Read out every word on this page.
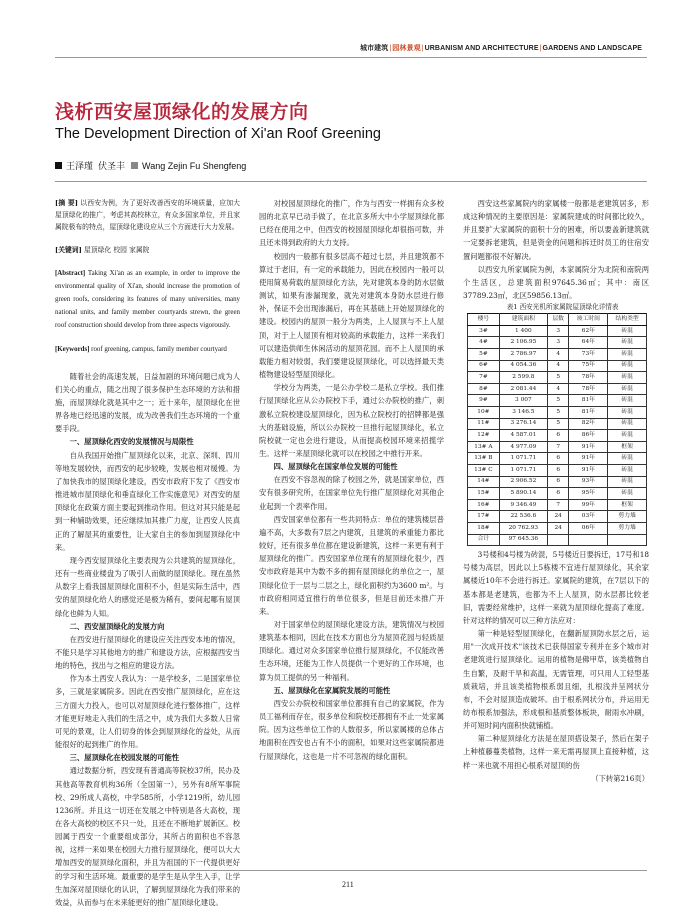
城市建筑|园林景观|URBANISM AND ARCHITECTURE|GARDENS AND LANDSCAPE
浅析西安屋顶绿化的发展方向
The Development Direction of Xi'an Roof Greening
王泽瑾 伏圣丰 Wang Zejin Fu Shengfeng

[摘 要] 以西安为例，为了更好改善西安的环境质量，应加大屋顶绿化的推广，考虑其高校林立，有众多国家单位，并且家属院极布的特点，屋顶绿化建设应从三个方面进行大力发展。

[关键词] 屋顶绿化 校园 家属院

[Abstract] Taking Xi'an as an example, in order to improve the environmental quality of Xi'an, should increase the promotion of green roofs, considering its features of many universities, many national units, and family member courtyards strewn, the green roof construction should develop from three aspects vigorously.

[Keywords] roof greening, campus, family member courtyard

随着社会的高速发展，日益加剧的环境问题已成为人们关心的重点，随之出现了很多保护生态环境的方法和措施，而屋顶绿化就是其中之一；近十来年，屋顶绿化在世界各地已经迅速的发展，成为改善我们生态环境的一个重要手段。

一、屋顶绿化西安的发展情况与局限性

自从我国开始推广屋顶绿化以来，北京、深圳、四川等地发展较快，而西安的起步较晚，发展也相对缓慢。为了加快我市的屋顶绿化建设，西安市政府下发了《西安市推进城市屋顶绿化和垂直绿化工作实施意见》对西安的屋顶绿化在政策方面主要起到推动作用。但这对其只能是起到一种辅助效果，还应继续加其推广力度，让西安人民真正的了解屋其的重要性，让大家自主的参加到屋顶绿化中来。

现今西安屋顶绿化主要表现为公共建筑的屋顶绿化，还有一些商业楼盘为了吸引人而做的屋顶绿化。现在虽然从数字上看我国屋顶绿化面积不小，但是实际生活中，西安的屋顶绿化给人的感觉还是极为稀有，要间起哪有屋顶绿化也鲜为人知。

二、西安屋顶绿化的发展方向

在西安进行屋顶绿化的建设应关注西安本地的情况，不能只是学习其他地方的推广和建设方法，应根据西安当地的特色，找出与之相应的建设方法。

作为本土西安人我认为：一是学校多，二是国家单位多，三就是家属院多。因此在西安推广屋顶绿化，应在这三方面大力投入，也可以对屋顶绿化进行整体推广，这样才能更好地走入我们的生活之中，成为我们大多数人日常可见的景观，让人们切身的体会到屋顶绿化的益处，从而能很好的起到推广的作用。

三、屋顶绿化在校园发展的可能性

通过数据分析，西安现有普通高等院校37所，民办及其他高等教育机构36所（全国第一），另外有8所军事院校、29所成人高校，中学585所，小学1219所，幼儿园1236所。并且这一切还在发展之中特别是各大高校，现在各大高校的校区不只一处，且还在不断地扩展新区。校园属于西安一个重要组成部分，其所占的面积也不容忽视，这样一来如果在校园大力推行屋顶绿化，便可以大大增加西安的屋顶绿化面积，并且为祖国的下一代提供更好的学习和生活环境。最重要的是学生是从学生入手，让学生加深对屋顶绿化的认识，了解到屋顶绿化为我们带来的效益，从而参与在未来能更好的推广屋顶绿化建设。

对校园屋顶绿化的推广，作为与西安一样拥有众多校园的北京早已动手做了，在北京多所大中小学屋顶绿化都已经在使用之中，但西安的校园屋顶绿化却很指可数，并且还未得到政府的大力支持。

校园内一般都有很多层高不超过七层，并且建筑都不算过于老旧，有一定的承载能力，因此在校园内一般可以使用简易荷载的屋顶绿化方法，先对建筑本身的防水层做测试，如果有渗漏现象，就先对建筑本身防水层进行修补，保证不会出现渗漏后，再在其基础上开始屋顶绿化的建设。校园内的屋顶一般分为两类，上人屋顶与不上人屋顶，对于上人屋顶有相对较高的承载能力，这样一来我们可以建造供师生休闲活动的屋顶花园。而不上人屋顶的承载能力相对较弱，我们要建设屋顶绿化，可以选择最天类植物建设轻型屋顶绿化。

学校分为两类，一是公办学校二是私立学校。我们推行屋顶绿化应从公办院校下手，通过公办院校的推广，刺激私立院校建设屋顶绿化，因为私立院校打的招牌都是强大的基础设施，所以公办院校一旦推行起屋顶绿化，私立院校就一定也会进行建设，从而提高校园环境来招揽学生。这样一来屋顶绿化就可以在校园之中推行开来。

四、屋顶绿化在国家单位发展的可能性

在西安不容忽视的除了校园之外，就是国家单位，西安有很多研究所，在国家单位先行推广屋顶绿化对其他企业起到一个表率作用。

西安国家单位都有一些共同特点：单位的建筑楼层普遍不高，大多数有7层之内建筑，且建筑的承重能力都比较好，还有很多单位都在建设新建筑，这样一来更有利于屋顶绿化的推广。西安国家单位现有的屋顶绿化很少，西安市政府是其中为数不多的拥有屋顶绿化的单位之一，屋顶绿化位于一层与二层之上，绿化面积约为3600 m²。与市政府相同适宜推行的单位很多，但是目前还未推广开来。

对于国家单位的屋顶绿化建设方法，建筑情况与校园建筑基本相同，因此在技术方面也分为屋顶花园与轻质屋顶绿化。通过对众多国家单位推行屋顶绿化，不仅能改善生态环境，还能为工作人员提供一个更好的工作环境，也算为员工提供的另一种福利。

五、屋顶绿化在家属院发展的可能性

西安公办院校和国家单位都拥有自己的家属院，作为员工福利而存在，很多单位和院校还都拥有不止一处家属院。因为这些单位工作的人数很多，所以家属楼的总体占地面积在西安也占有不小的面积，如果对这些家属院都进行屋顶绿化，这也是一片不可忽视的绿化面积。

西安这些家属院内的家属楼一般都是老建筑居多，形成这种情况的主要原因是：家属院建成的时间都比较久，并且要扩大家属院的面积十分的困难，所以要盖新建筑就一定要拆老建筑，但是资金的问题和拆迁时员工的住宿安置问题都很不好解决。

以西安九所家属院为例，本家属院分为北院和南院两个生活区，总建筑面积97645.36㎡；其中：南区37789.23㎡，北区59856.13㎡。

表1 西安光机所家属院屋顶绿化详情表

楼号	建筑面积	层数	竣工时间	结构类型
3#	1 400	3	62年	砖混
4#	2 106.95	3	64年	砖混
5#	2 786.97	4	73年	砖混
6#	4 054.36	4	75年	砖混
7#	2 599.8	5	78年	砖混
8#	2 081.44	4	78年	砖混
9#	3 007	5	81年	砖混
10#	3 146.5	5	81年	砖混
11#	3 276.14	5	82年	砖混
12#	4 587.01	6	86年	砖混
13# A	4 977.09	7	91年	框架
13# B	1 071.71	6	91年	砖混
13# C	1 071.71	6	91年	砖混
14#	2 906.52	6	93年	砖混
15#	5 890.14	6	95年	砖混
16#	9 346.49	7	99年	框架
17#	22 536.6	24	03年	剪力墙
18#	20 762.93	24	06年	剪力墙
合计	97 645.36			

3号楼和4号楼为砖混，5号楼近日要拆迁，17号和18号楼为高层，因此以上5栋楼不宜进行屋顶绿化，其余家属楼近10年不会进行拆迁。家属院的建筑，在7层以下的基本都是老建筑，也都为不上人屋顶，防水层都比较老旧，需要经常维护，这样一来就为屋顶绿化提高了难度。针对这样的情况可以三种方法应对：

第一种是轻型屋顶绿化，在翻新屋顶防水层之后，运用"一次成开技术"该技术已获得国家专利并在多个城市对老建筑进行屋顶绿化。运用的植物是佛甲草，该类植物自生自繁，及耐干旱和高温，无需管理，可只用人工轻型基质栽培，并且该类植物根系弱且细，扎根浅并呈网状分布，不会对屋顶造成破坏。由于根系网状分布，并运用无纺布根系加强法，形成根和基质整体板块，耐雨水冲刷，并可短时间内面积快就铺植。

第二种屋顶绿化方法是在屋顶搭设架子，然后在架子上种植藤蔓类植物，这样一来无需再屋顶上直接种植，这样一来也就不用担心根系对屋顶的伤

（下转第216页）

211
